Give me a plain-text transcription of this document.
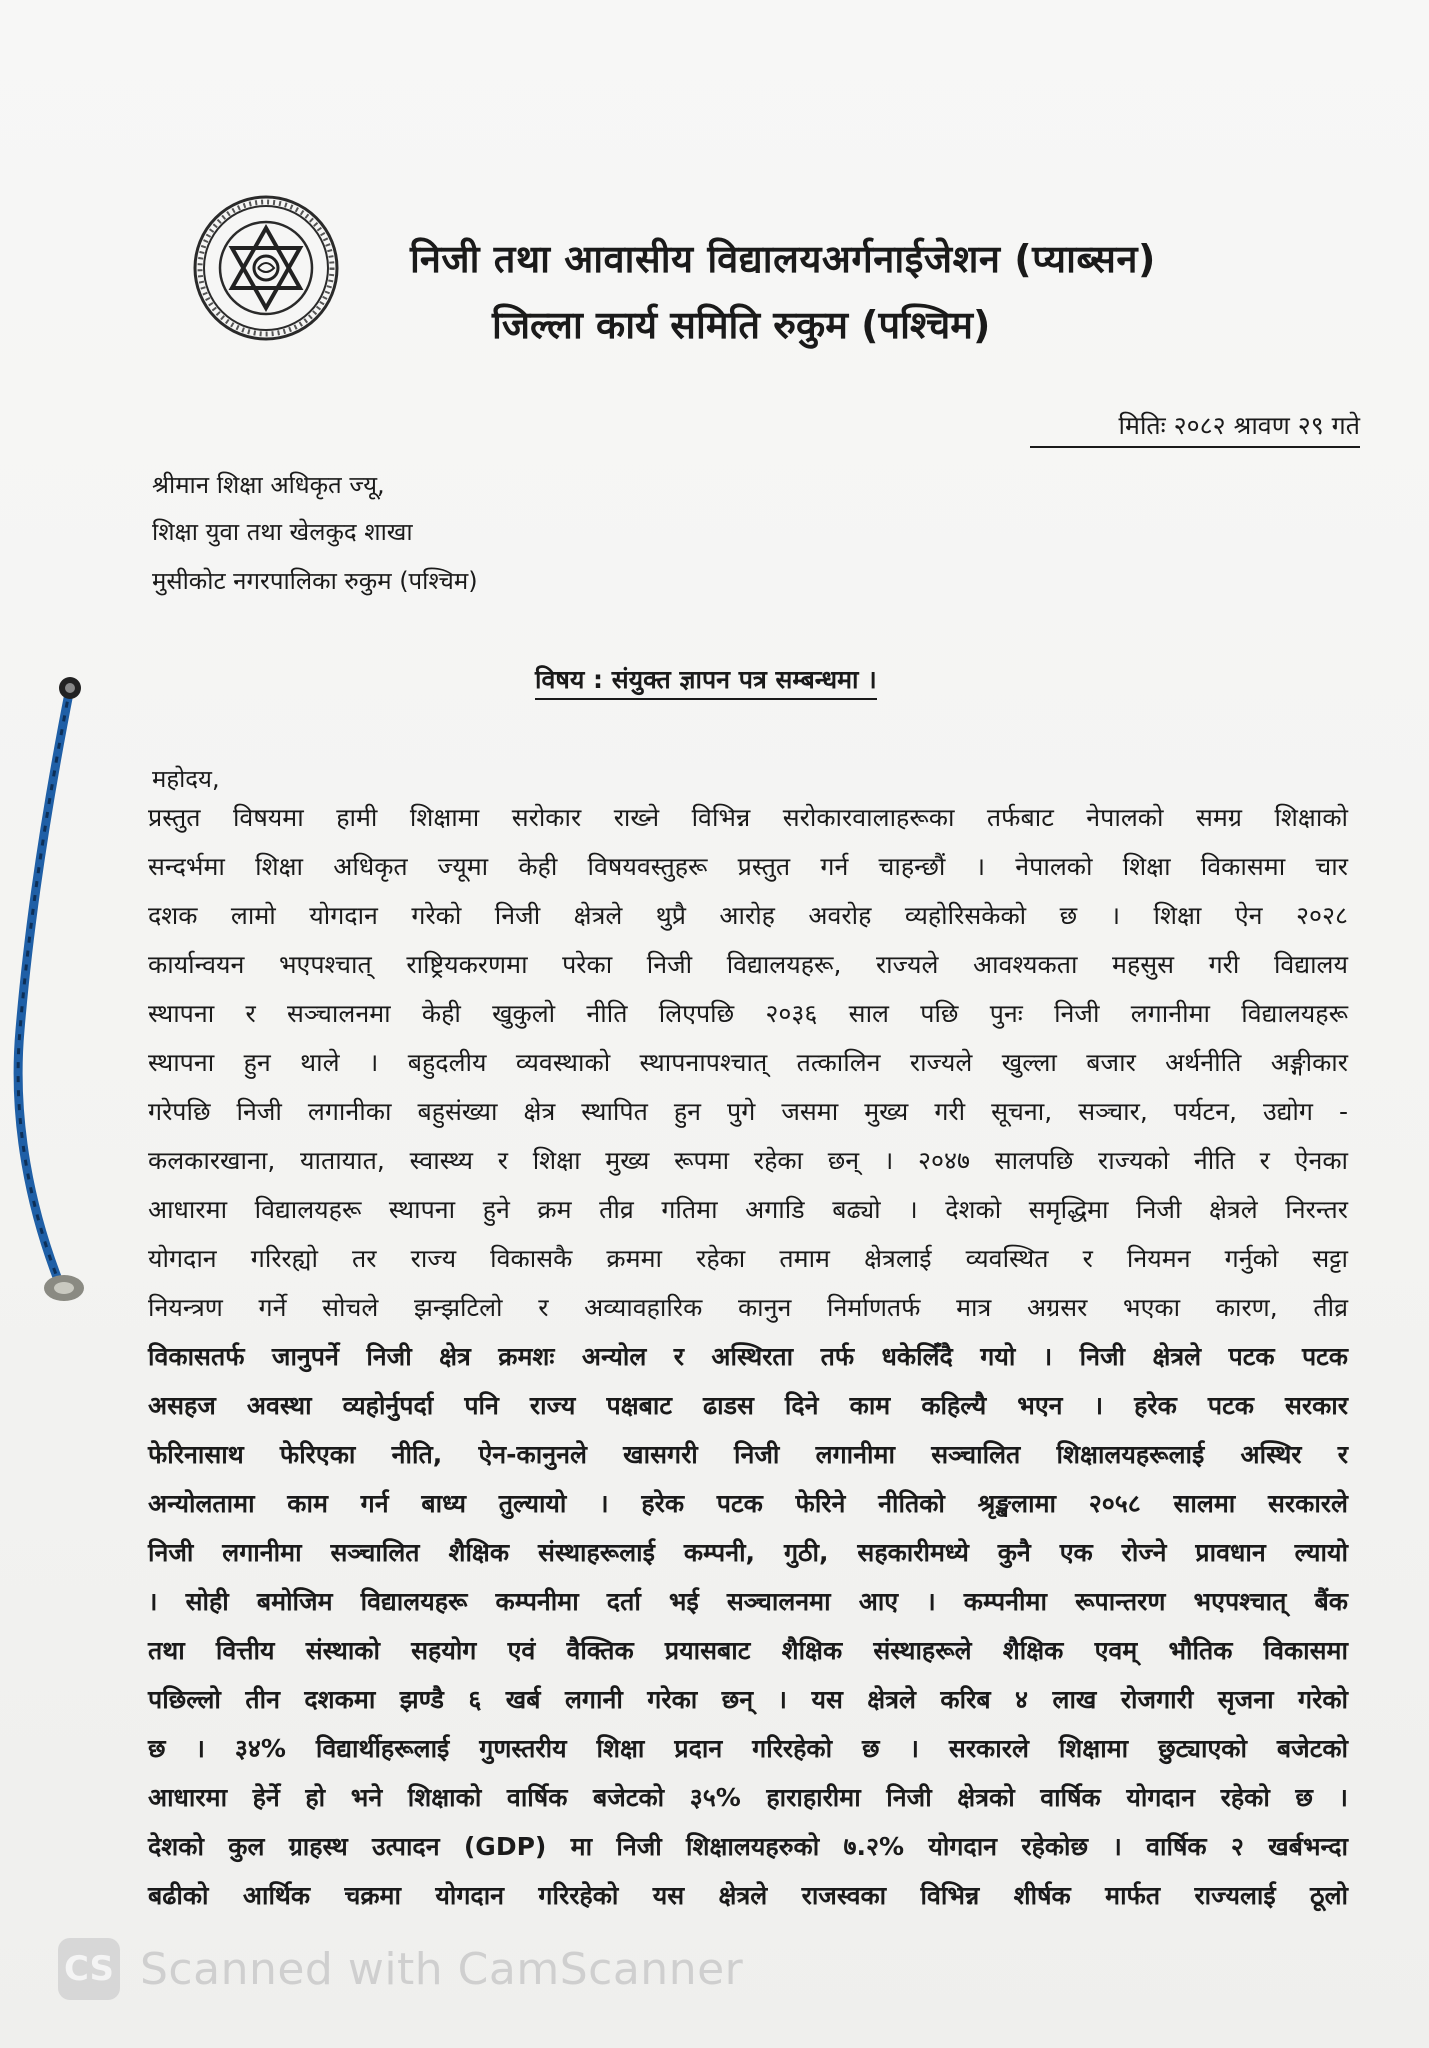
निजी तथा आवासीय विद्यालयअर्गनाईजेशन (प्याब्सन)
जिल्ला कार्य समिति रुकुम (पश्चिम)
मितिः २०८२ श्रावण २९ गते
श्रीमान शिक्षा अधिकृत ज्यू,
शिक्षा युवा तथा खेलकुद शाखा
मुसीकोट नगरपालिका रुकुम (पश्चिम)
विषय : संयुक्त ज्ञापन पत्र सम्बन्धमा ।
महोदय,
प्रस्तुत विषयमा हामी शिक्षामा सरोकार राख्ने विभिन्न सरोकारवालाहरूका तर्फबाट नेपालको समग्र शिक्षाको
सन्दर्भमा शिक्षा अधिकृत ज्यूमा केही विषयवस्तुहरू प्रस्तुत गर्न चाहन्छौं । नेपालको शिक्षा विकासमा चार
दशक लामो योगदान गरेको निजी क्षेत्रले थुप्रै आरोह अवरोह व्यहोरिसकेको छ । शिक्षा ऐन २०२८
कार्यान्वयन भएपश्चात् राष्ट्रियकरणमा परेका निजी विद्यालयहरू, राज्यले आवश्यकता महसुस गरी विद्यालय
स्थापना र सञ्चालनमा केही खुकुलो नीति लिएपछि २०३६ साल पछि पुनः निजी लगानीमा विद्यालयहरू
स्थापना हुन थाले । बहुदलीय व्यवस्थाको स्थापनापश्चात् तत्कालिन राज्यले खुल्ला बजार अर्थनीति अङ्गीकार
गरेपछि निजी लगानीका बहुसंख्या क्षेत्र स्थापित हुन पुगे जसमा मुख्य गरी सूचना, सञ्चार, पर्यटन, उद्योग -
कलकारखाना, यातायात, स्वास्थ्य र शिक्षा मुख्य रूपमा रहेका छन् । २०४७ सालपछि राज्यको नीति र ऐनका
आधारमा विद्यालयहरू स्थापना हुने क्रम तीव्र गतिमा अगाडि बढ्यो । देशको समृद्धिमा निजी क्षेत्रले निरन्तर
योगदान गरिरह्यो तर राज्य विकासकै क्रममा रहेका तमाम क्षेत्रलाई व्यवस्थित र नियमन गर्नुको सट्टा
नियन्त्रण गर्ने सोचले झन्झटिलो र अव्यावहारिक कानुन निर्माणतर्फ मात्र अग्रसर भएका कारण, तीव्र
विकासतर्फ जानुपर्ने निजी क्षेत्र क्रमशः अन्योल र अस्थिरता तर्फ धकेलिँदै गयो । निजी क्षेत्रले पटक पटक
असहज अवस्था व्यहोर्नुपर्दा पनि राज्य पक्षबाट ढाडस दिने काम कहिल्यै भएन । हरेक पटक सरकार
फेरिनासाथ फेरिएका नीति, ऐन-कानुनले खासगरी निजी लगानीमा सञ्चालित शिक्षालयहरूलाई अस्थिर र
अन्योलतामा काम गर्न बाध्य तुल्यायो । हरेक पटक फेरिने नीतिको श्रृङ्खलामा २०५८ सालमा सरकारले
निजी लगानीमा सञ्चालित शैक्षिक संस्थाहरूलाई कम्पनी, गुठी, सहकारीमध्ये कुनै एक रोज्ने प्रावधान ल्यायो
। सोही बमोजिम विद्यालयहरू कम्पनीमा दर्ता भई सञ्चालनमा आए । कम्पनीमा रूपान्तरण भएपश्चात् बैंक
तथा वित्तीय संस्थाको सहयोग एवं वैक्तिक प्रयासबाट शैक्षिक संस्थाहरूले शैक्षिक एवम् भौतिक विकासमा
पछिल्लो तीन दशकमा झण्डै ६ खर्ब लगानी गरेका छन् । यस क्षेत्रले करिब ४ लाख रोजगारी सृजना गरेको
छ । ३४% विद्यार्थीहरूलाई गुणस्तरीय शिक्षा प्रदान गरिरहेको छ । सरकारले शिक्षामा छुट्याएको बजेटको
आधारमा हेर्ने हो भने शिक्षाको वार्षिक बजेटको ३५% हाराहारीमा निजी क्षेत्रको वार्षिक योगदान रहेको छ ।
देशको कुल ग्राहस्थ उत्पादन (GDP) मा निजी शिक्षालयहरुको ७.२% योगदान रहेकोछ । वार्षिक २ खर्बभन्दा
बढीको आर्थिक चक्रमा योगदान गरिरहेको यस क्षेत्रले राजस्वका विभिन्न शीर्षक मार्फत राज्यलाई ठूलो
CS Scanned with CamScanner
